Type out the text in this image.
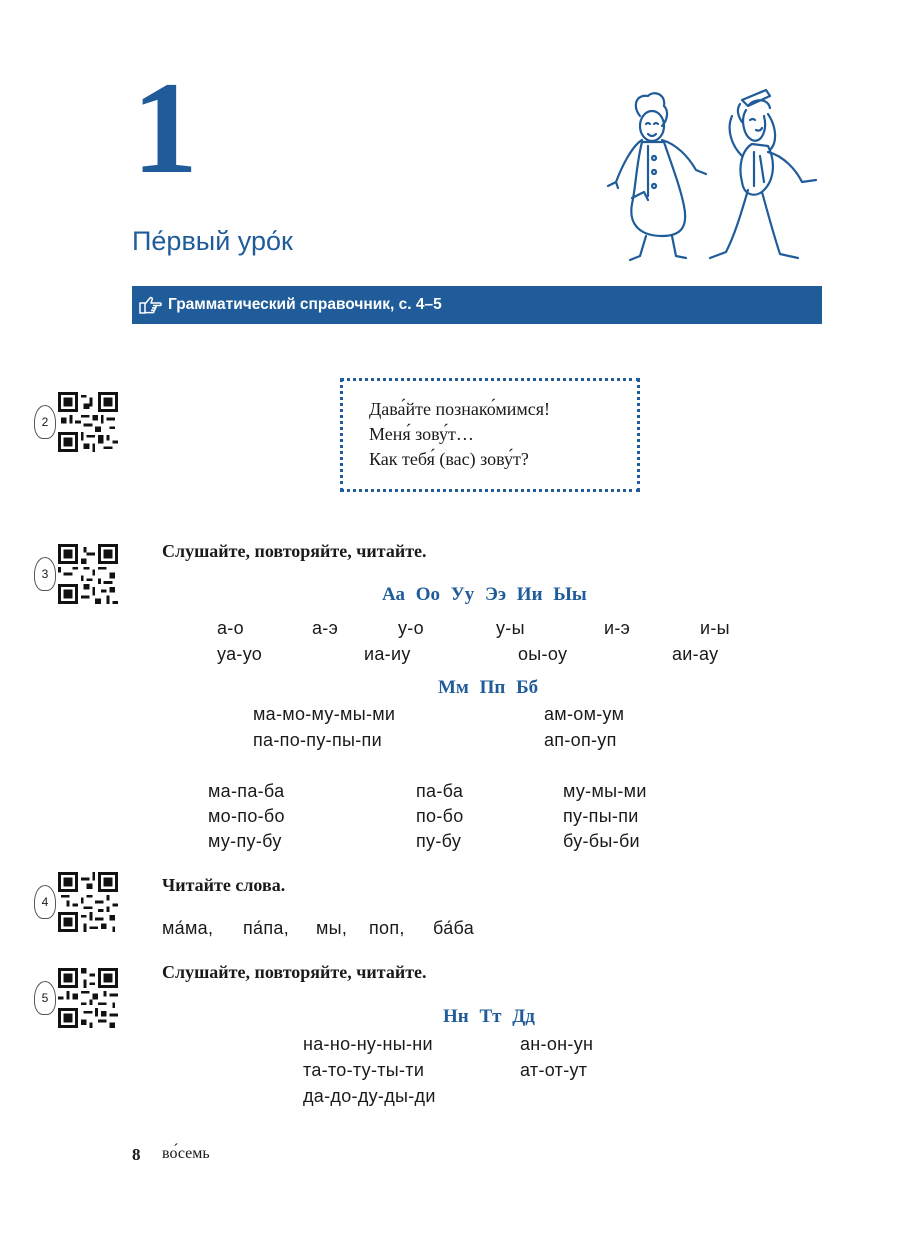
1
Пе́рвый уро́к
Грамматический справочник, с. 4–5
2
Дава́йте познако́мимся!
Меня́ зову́т…
Как тебя́ (вас) зову́т?
3
Слушайте, повторяйте, читайте.
Аа Оо Уу Ээ Ии Ыы
а-о	а-э	у-о	у-ы	и-э	и-ы
уа-уо	иа-иу	оы-оу	аи-ау
Мм Пп Бб
ма-мо-му-мы-ми	ам-ом-ум
па-по-пу-пы-пи	ап-оп-уп
ма-па-ба	па-ба	му-мы-ми
мо-по-бо	по-бо	пу-пы-пи
му-пу-бу	пу-бу	бу-бы-би
4
Читайте слова.
ма́ма, па́па, мы, поп, ба́ба
5
Слушайте, повторяйте, читайте.
Нн Тт Дд
на-но-ну-ны-ни	ан-он-ун
та-то-ту-ты-ти	ат-от-ут
да-до-ду-ды-ди
8 во́семь
